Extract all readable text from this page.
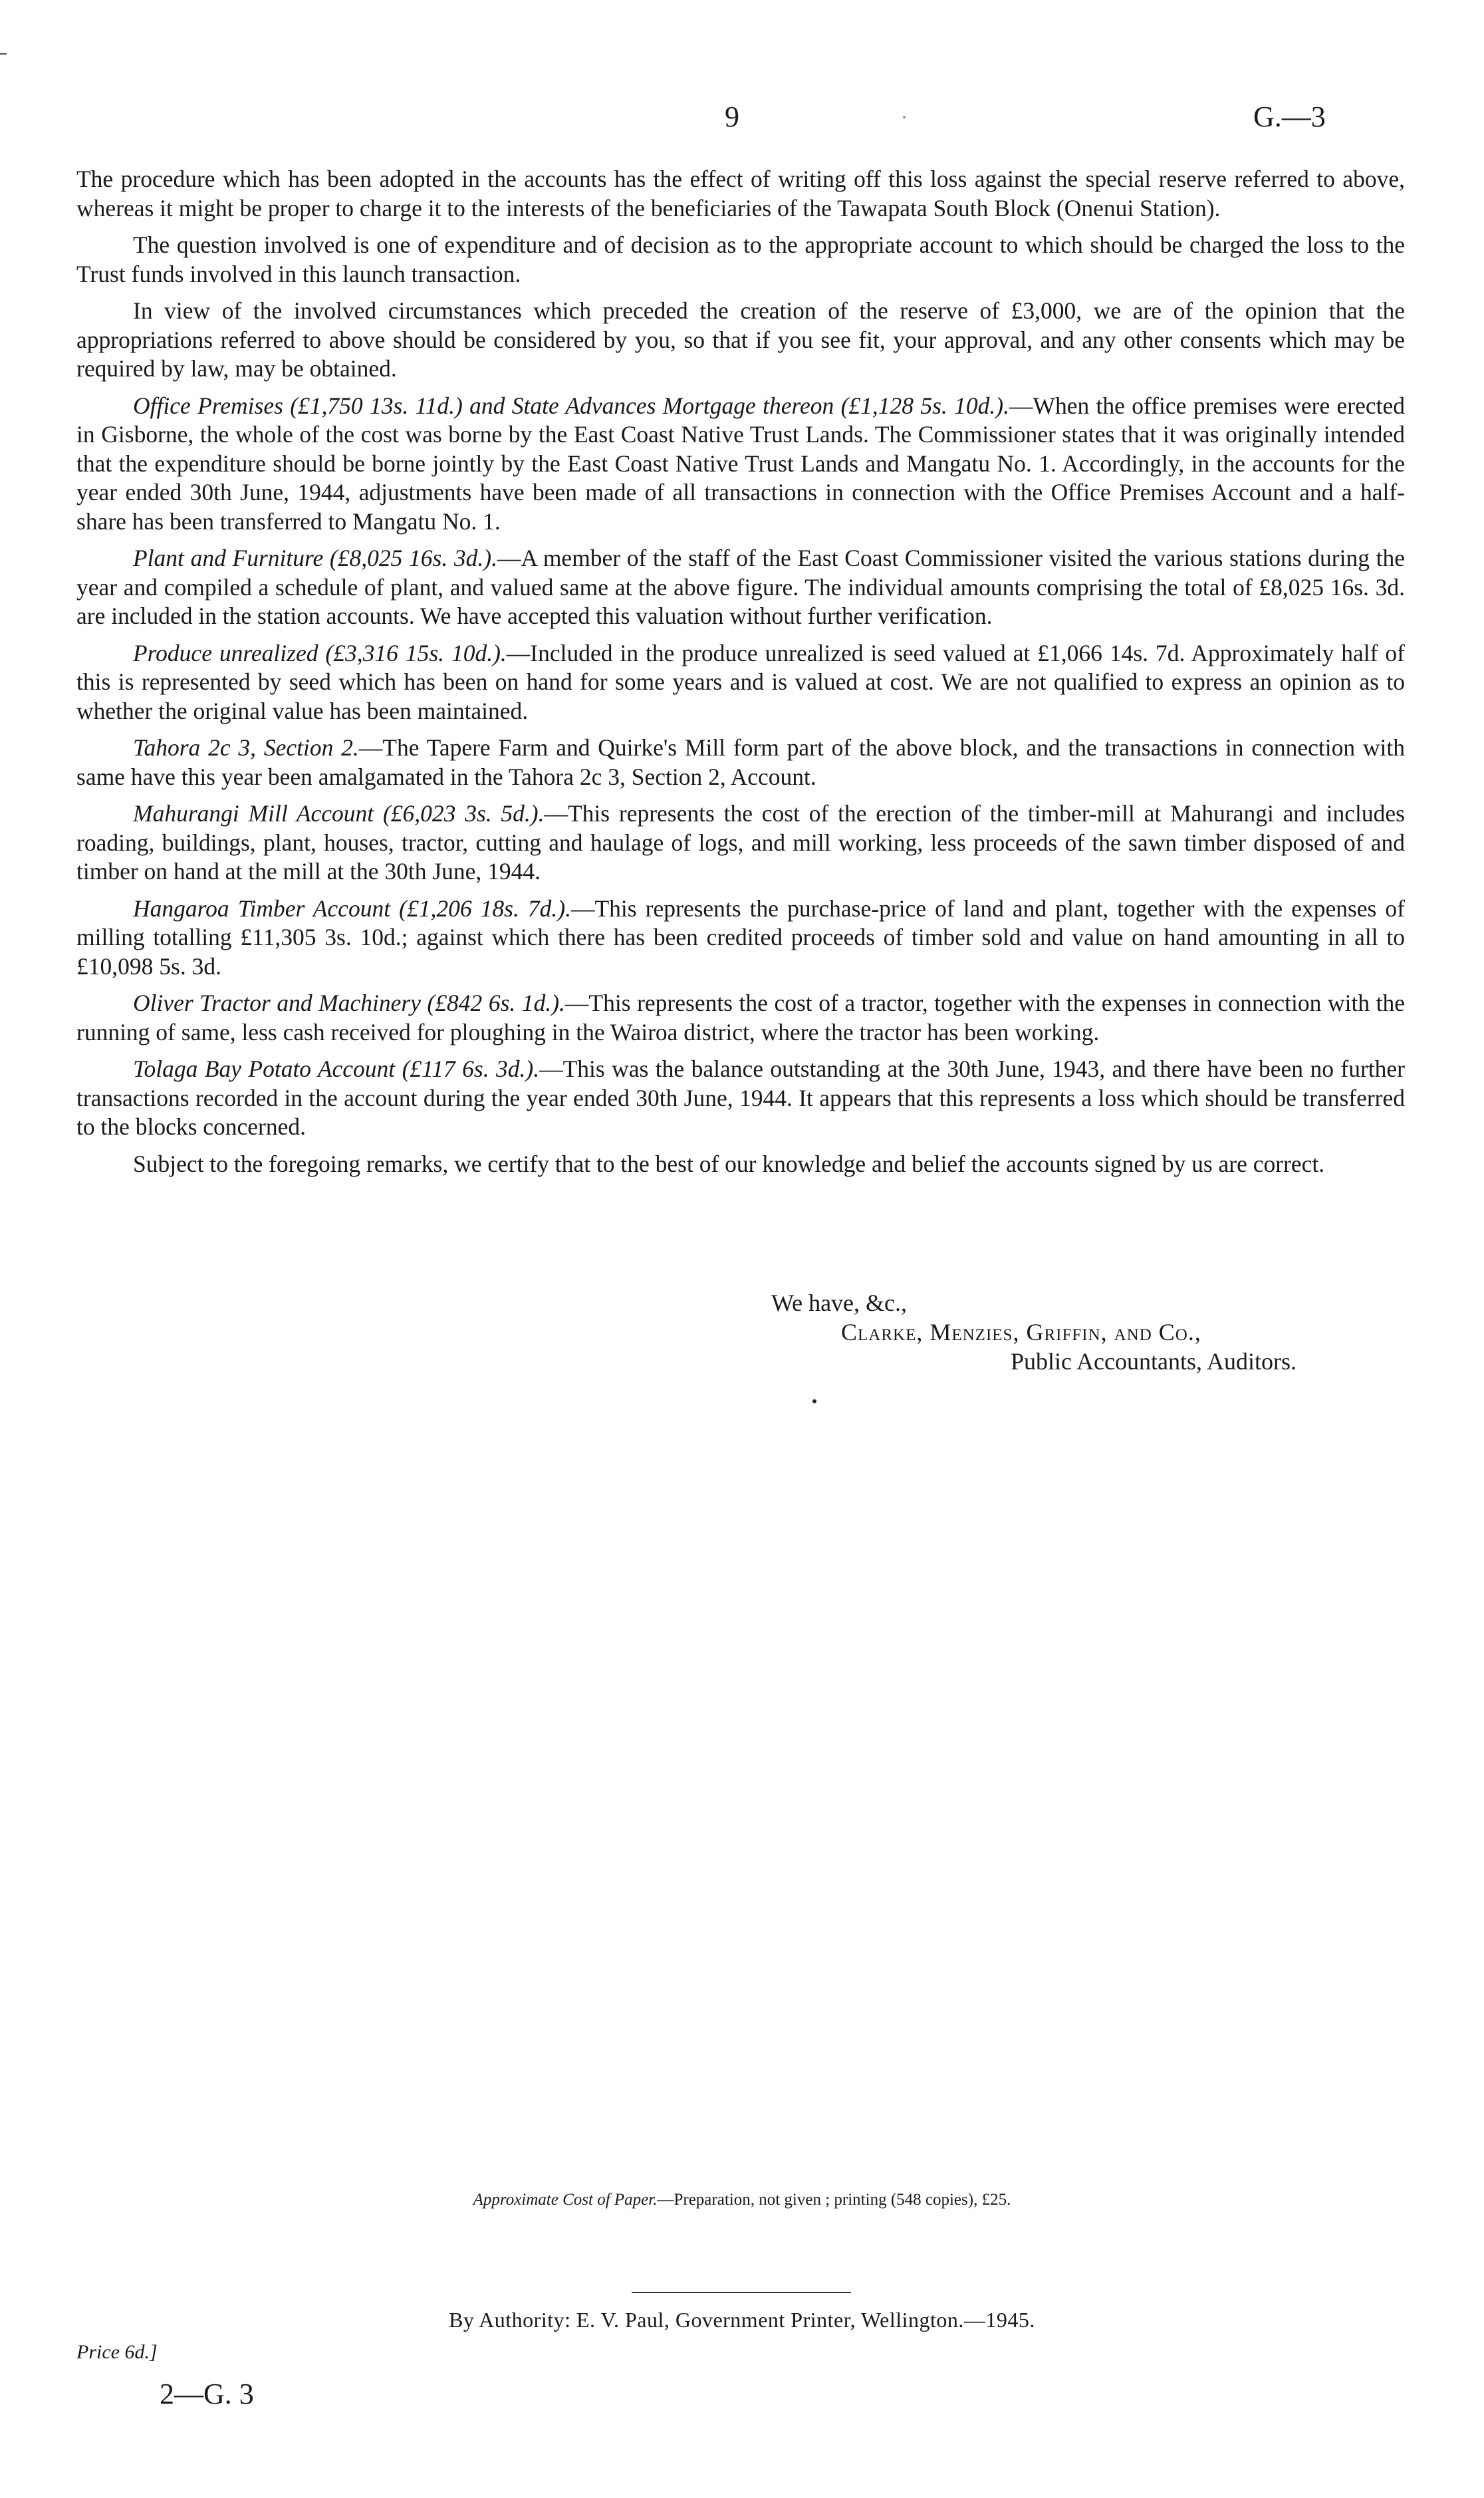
9	·	G.—3

The procedure which has been adopted in the accounts has the effect of writing off this loss against the special reserve referred to above, whereas it might be proper to charge it to the interests of the beneficiaries of the Tawapata South Block (Onenui Station).

The question involved is one of expenditure and of decision as to the appropriate account to which should be charged the loss to the Trust funds involved in this launch transaction.

In view of the involved circumstances which preceded the creation of the reserve of £3,000, we are of the opinion that the appropriations referred to above should be considered by you, so that if you see fit, your approval, and any other consents which may be required by law, may be obtained.

Office Premises (£1,750 13s. 11d.) and State Advances Mortgage thereon (£1,128 5s. 10d.).—When the office premises were erected in Gisborne, the whole of the cost was borne by the East Coast Native Trust Lands. The Commissioner states that it was originally intended that the expenditure should be borne jointly by the East Coast Native Trust Lands and Mangatu No. 1. Accordingly, in the accounts for the year ended 30th June, 1944, adjustments have been made of all transactions in connection with the Office Premises Account and a half-share has been transferred to Mangatu No. 1.

Plant and Furniture (£8,025 16s. 3d.).—A member of the staff of the East Coast Commissioner visited the various stations during the year and compiled a schedule of plant, and valued same at the above figure. The individual amounts comprising the total of £8,025 16s. 3d. are included in the station accounts. We have accepted this valuation without further verification.

Produce unrealized (£3,316 15s. 10d.).—Included in the produce unrealized is seed valued at £1,066 14s. 7d. Approximately half of this is represented by seed which has been on hand for some years and is valued at cost. We are not qualified to express an opinion as to whether the original value has been maintained.

Tahora 2c 3, Section 2.—The Tapere Farm and Quirke's Mill form part of the above block, and the transactions in connection with same have this year been amalgamated in the Tahora 2c 3, Section 2, Account.

Mahurangi Mill Account (£6,023 3s. 5d.).—This represents the cost of the erection of the timber-mill at Mahurangi and includes roading, buildings, plant, houses, tractor, cutting and haulage of logs, and mill working, less proceeds of the sawn timber disposed of and timber on hand at the mill at the 30th June, 1944.

Hangaroa Timber Account (£1,206 18s. 7d.).—This represents the purchase-price of land and plant, together with the expenses of milling totalling £11,305 3s. 10d.; against which there has been credited proceeds of timber sold and value on hand amounting in all to £10,098 5s. 3d.

Oliver Tractor and Machinery (£842 6s. 1d.).—This represents the cost of a tractor, together with the expenses in connection with the running of same, less cash received for ploughing in the Wairoa district, where the tractor has been working.

Tolaga Bay Potato Account (£117 6s. 3d.).—This was the balance outstanding at the 30th June, 1943, and there have been no further transactions recorded in the account during the year ended 30th June, 1944. It appears that this represents a loss which should be transferred to the blocks concerned.

Subject to the foregoing remarks, we certify that to the best of our knowledge and belief the accounts signed by us are correct.

We have, &c.,
Clarke, Menzies, Griffin, and Co.,
Public Accountants, Auditors.
Approximate Cost of Paper.—Preparation, not given ; printing (548 copies), £25.
By Authority: E. V. Paul, Government Printer, Wellington.—1945.
Price 6d.]
2—G. 3
